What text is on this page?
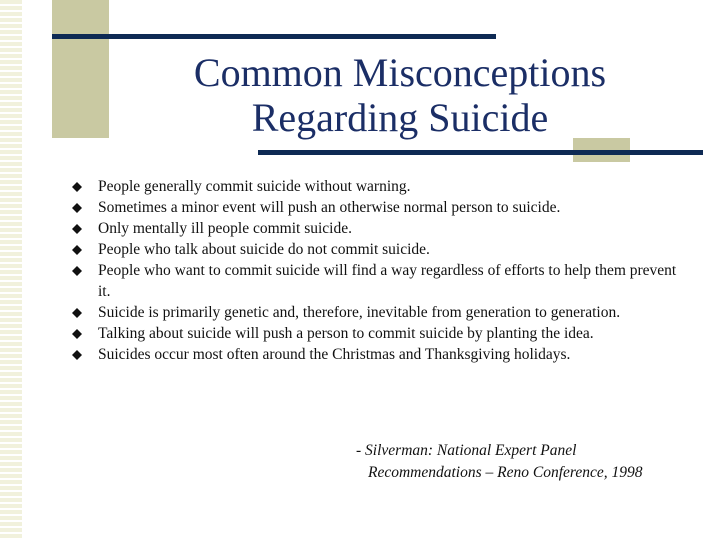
Common Misconceptions
Regarding Suicide
People generally commit suicide without warning.
Sometimes a minor event will push an otherwise normal person to suicide.
Only mentally ill people commit suicide.
People who talk about suicide do not commit suicide.
People who want to commit suicide will find a way regardless of efforts to help them prevent it.
Suicide is primarily genetic and, therefore, inevitable from generation to generation.
Talking about suicide will push a person to commit suicide by planting the idea.
Suicides occur most often around the Christmas and Thanksgiving holidays.
- Silverman: National Expert Panel
Recommendations – Reno Conference, 1998
